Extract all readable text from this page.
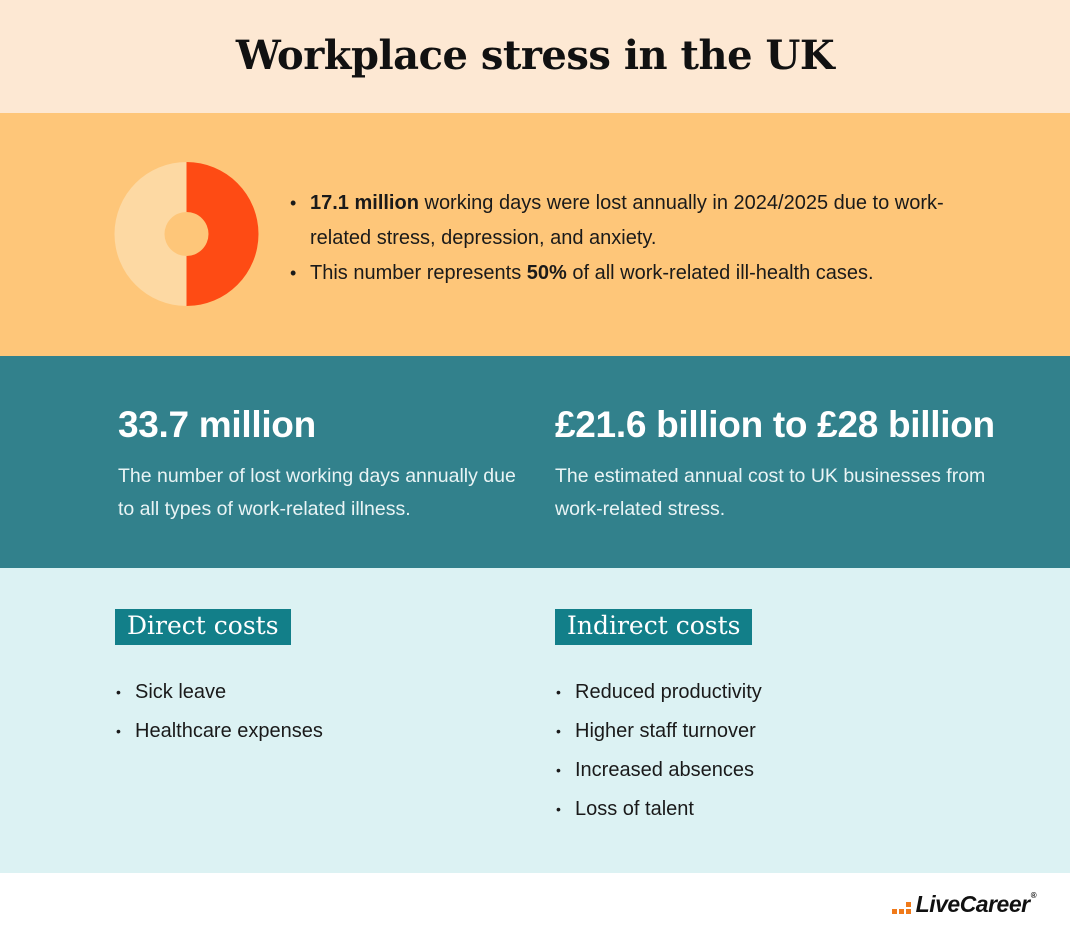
Workplace stress in the UK
• 17.1 million working days were lost annually in 2024/2025 due to work-related stress, depression, and anxiety.
• This number represents 50% of all work-related ill-health cases.
33.7 million
The number of lost working days annually due to all types of work-related illness.
£21.6 billion to £28 billion
The estimated annual cost to UK businesses from work-related stress.
Direct costs
• Sick leave
• Healthcare expenses
Indirect costs
• Reduced productivity
• Higher staff turnover
• Increased absences
• Loss of talent
LiveCareer®
